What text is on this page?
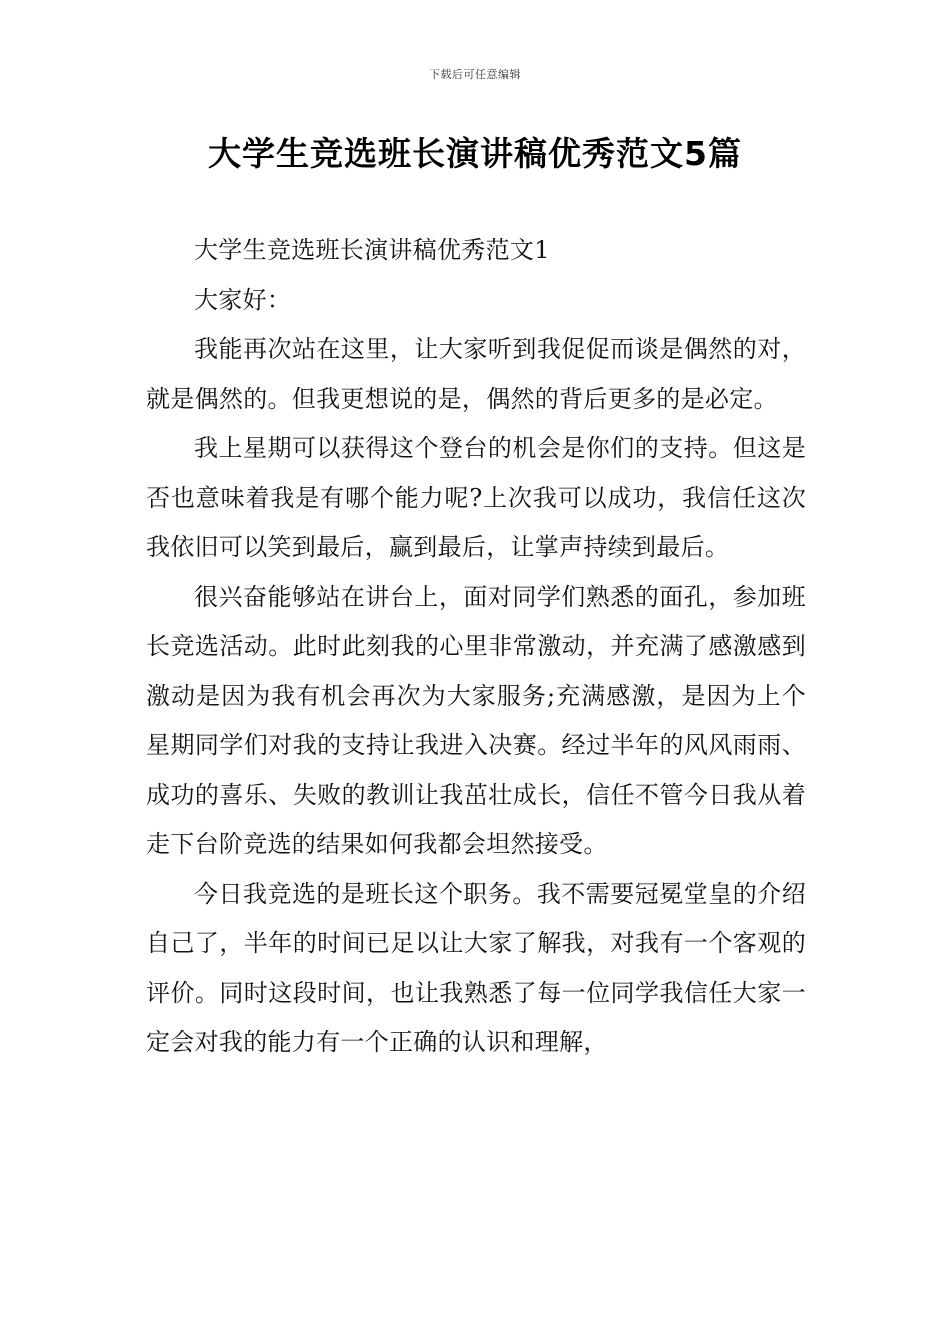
下载后可任意编辑
大学生竞选班长演讲稿优秀范文5篇

大学生竞选班长演讲稿优秀范文1

大家好：

我能再次站在这里，让大家听到我促促而谈是偶然的对，就是偶然的。但我更想说的是，偶然的背后更多的是必定。

我上星期可以获得这个登台的机会是你们的支持。但这是否也意味着我是有哪个能力呢?上次我可以成功，我信任这次我依旧可以笑到最后，赢到最后，让掌声持续到最后。

很兴奋能够站在讲台上，面对同学们熟悉的面孔，参加班长竞选活动。此时此刻我的心里非常激动，并充满了感激感到激动是因为我有机会再次为大家服务;充满感激，是因为上个星期同学们对我的支持让我进入决赛。经过半年的风风雨雨、成功的喜乐、失败的教训让我茁壮成长，信任不管今日我从着走下台阶竞选的结果如何我都会坦然接受。

今日我竞选的是班长这个职务。我不需要冠冕堂皇的介绍自己了，半年的时间已足以让大家了解我，对我有一个客观的评价。同时这段时间，也让我熟悉了每一位同学我信任大家一定会对我的能力有一个正确的认识和理解，
